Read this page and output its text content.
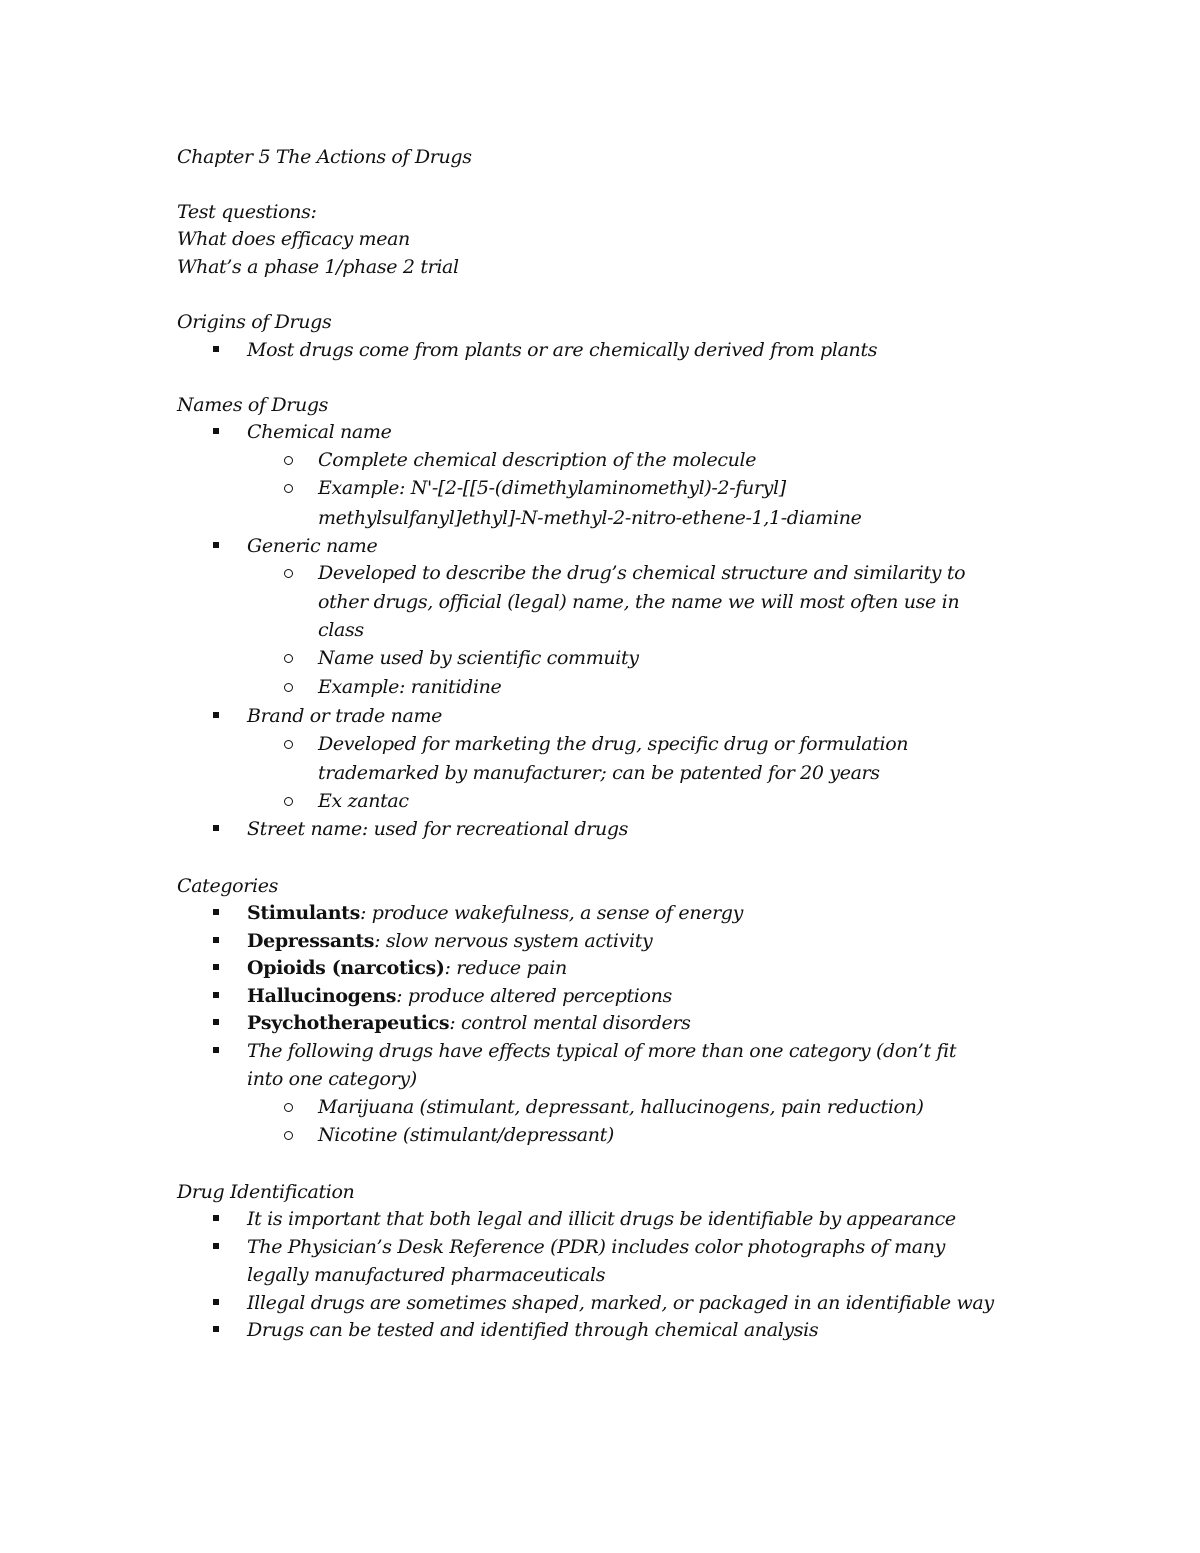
Chapter 5 The Actions of Drugs
Test questions:
What does efficacy mean
What’s a phase 1/phase 2 trial
Origins of Drugs
Most drugs come from plants or are chemically derived from plants
Names of Drugs
Chemical name
Complete chemical description of the molecule
Example: N'-[2-[[5-(dimethylaminomethyl)-2-furyl]
methylsulfanyl]ethyl]-N-methyl-2-nitro-ethene-1,1-diamine
Generic name
Developed to describe the drug’s chemical structure and similarity to
other drugs, official (legal) name, the name we will most often use in
class
Name used by scientific commuity
Example: ranitidine
Brand or trade name
Developed for marketing the drug, specific drug or formulation
trademarked by manufacturer; can be patented for 20 years
Ex zantac
Street name: used for recreational drugs
Categories
Stimulants: produce wakefulness, a sense of energy
Depressants: slow nervous system activity
Opioids (narcotics): reduce pain
Hallucinogens: produce altered perceptions
Psychotherapeutics: control mental disorders
The following drugs have effects typical of more than one category (don’t fit
into one category)
Marijuana (stimulant, depressant, hallucinogens, pain reduction)
Nicotine (stimulant/depressant)
Drug Identification
It is important that both legal and illicit drugs be identifiable by appearance
The Physician’s Desk Reference (PDR) includes color photographs of many
legally manufactured pharmaceuticals
Illegal drugs are sometimes shaped, marked, or packaged in an identifiable way
Drugs can be tested and identified through chemical analysis
